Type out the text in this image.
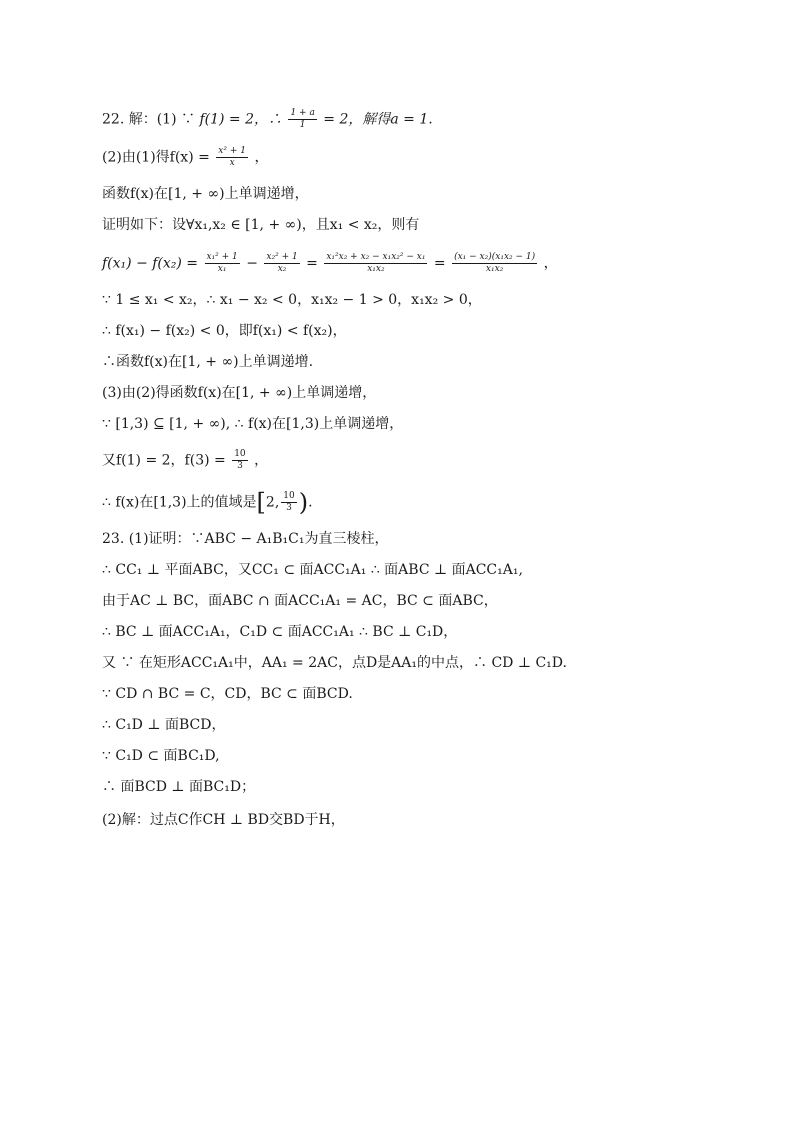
22. 解：(1) ∵ f(1) = 2，∴ $\frac{1 + a}{1} = 2$，解得a = 1.
(2)由(1)得$f(x) = \frac{\text{x² + 1}}{x}$ ，
函数f(x)在[1, + ∞)上单调递增，
证明如下：设∀x₁,x₂ ∈ [1, + ∞)，且x₁ < x₂，则有
$f(x_1) - f(x_2) = \frac{\text{x₁² + 1}}{\text{x₁}} - \frac{\text{x₂² + 1}}{\text{x₂}} = \frac{\text{x₁²x₂ + x₂ − x₁x₂² − x₁}}{\text{x₁x₂}} = \frac{\text{(x₁ − x₂)(x₁x₂ − 1)}}{\text{x₁x₂}}$ ，
∵ 1 ≤ x₁ < x₂，∴ x₁ − x₂ < 0，x₁x₂ − 1 > 0，x₁x₂ > 0，
∴ f(x₁) − f(x₂) < 0，即f(x₁) < f(x₂)，
∴函数f(x)在[1, + ∞)上单调递增.
(3)由(2)得函数f(x)在[1, + ∞)上单调递增，
∵ [1,3) ⊆ [1, + ∞), ∴ f(x)在[1,3)上单调递增，
又f(1) = 2，$f(3) = \frac{10}{3}$ ，
∴ f(x)在[1,3)上的值域是[2, $\frac{10}{3}$ ).
23. (1)证明：∵ABC − A₁B₁C₁为直三棱柱，
∴ CC₁ ⊥ 平面ABC，又CC₁ ⊂ 面ACC₁A₁ ∴ 面ABC ⊥ 面ACC₁A₁,
由于AC ⊥ BC，面ABC ∩ 面ACC₁A₁ = AC，BC ⊂ 面ABC，
∴ BC ⊥ 面ACC₁A₁，C₁D ⊂ 面ACC₁A₁ ∴ BC ⊥ C₁D，
又 ∵ 在矩形ACC₁A₁中，AA₁ = 2AC，点D是AA₁的中点，∴ CD ⊥ C₁D.
∵ CD ∩ BC = C，CD，BC ⊂ 面BCD.
∴ C₁D ⊥ 面BCD，
∵ C₁D ⊂ 面BC₁D,
∴ 面BCD ⊥ 面BC₁D；
(2)解：过点C作CH ⊥ BD交BD于H，
